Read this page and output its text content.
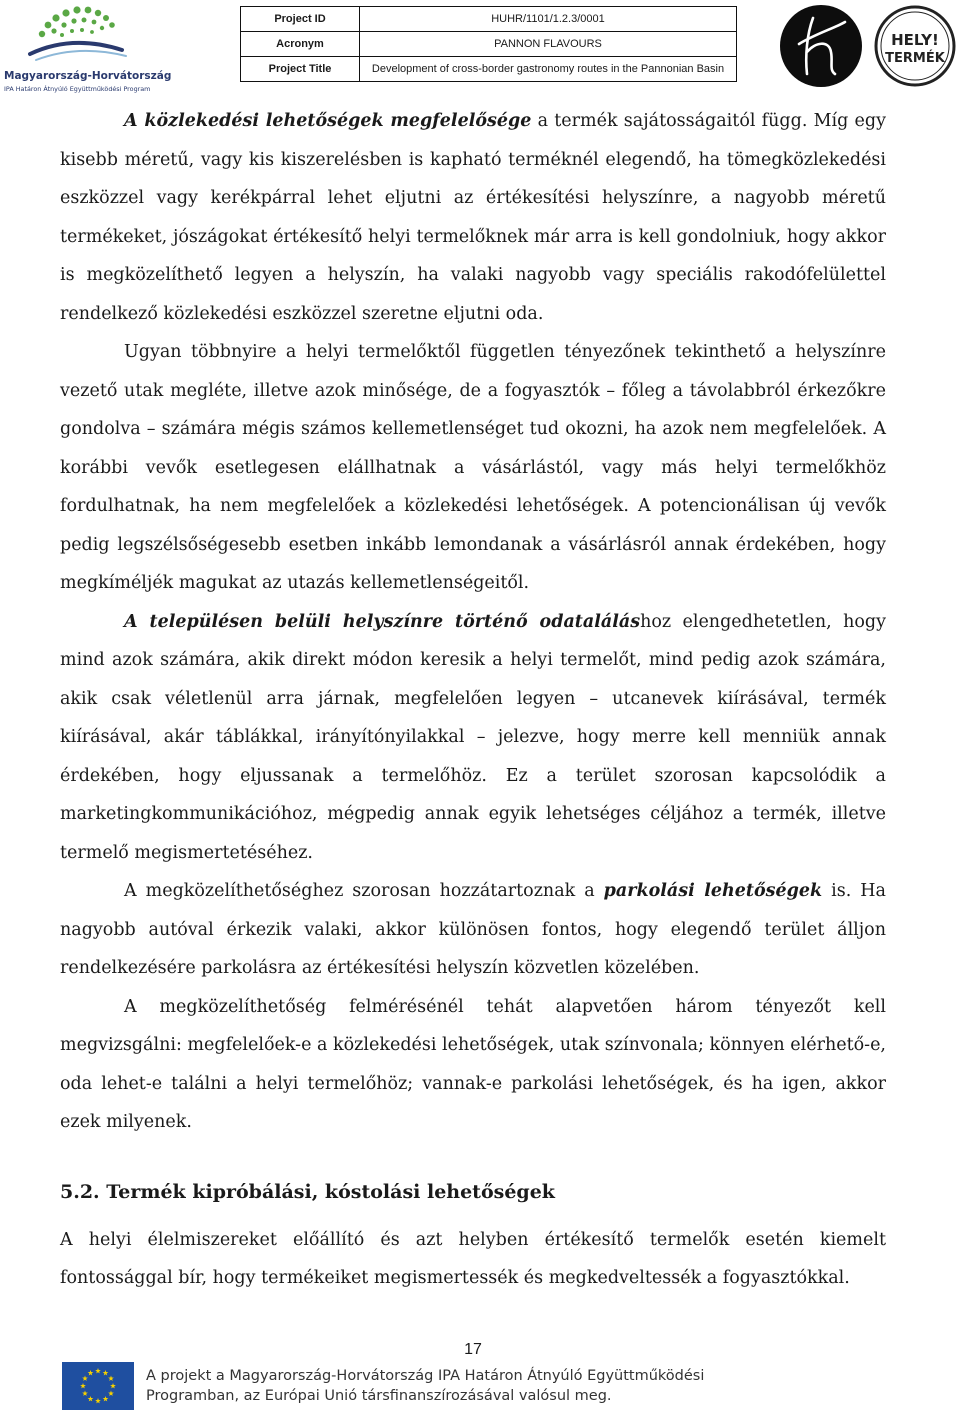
Magyarország-Horvátország
IPA Határon Átnyúló Együttműködési Program
Project ID	HUHR/1101/1.2.3/0001
Acronym	PANNON FLAVOURS
Project Title	Development of cross-border gastronomy routes in the Pannonian Basin
HELY!
TERMÉK

A közlekedési lehetőségek megfelelősége a termék sajátosságaitól függ. Míg egy kisebb méretű, vagy kis kiszerelésben is kapható terméknél elegendő, ha tömegközlekedési eszközzel vagy kerékpárral lehet eljutni az értékesítési helyszínre, a nagyobb méretű termékeket, jószágokat értékesítő helyi termelőknek már arra is kell gondolniuk, hogy akkor is megközelíthető legyen a helyszín, ha valaki nagyobb vagy speciális rakodófelülettel rendelkező közlekedési eszközzel szeretne eljutni oda.

Ugyan többnyire a helyi termelőktől független tényezőnek tekinthető a helyszínre vezető utak megléte, illetve azok minősége, de a fogyasztók – főleg a távolabbról érkezőkre gondolva – számára mégis számos kellemetlenséget tud okozni, ha azok nem megfelelőek. A korábbi vevők esetlegesen elállhatnak a vásárlástól, vagy más helyi termelőkhöz fordulhatnak, ha nem megfelelőek a közlekedési lehetőségek. A potencionálisan új vevők pedig legszélsőségesebb esetben inkább lemondanak a vásárlásról annak érdekében, hogy megkíméljék magukat az utazás kellemetlenségeitől.

A településen belüli helyszínre történő odataláláshoz elengedhetetlen, hogy mind azok számára, akik direkt módon keresik a helyi termelőt, mind pedig azok számára, akik csak véletlenül arra járnak, megfelelően legyen – utcanevek kiírásával, termék kiírásával, akár táblákkal, irányítónyilakkal – jelezve, hogy merre kell menniük annak érdekében, hogy eljussanak a termelőhöz. Ez a terület szorosan kapcsolódik a marketingkommunikációhoz, mégpedig annak egyik lehetséges céljához a termék, illetve termelő megismertetéséhez.

A megközelíthetőséghez szorosan hozzátartoznak a parkolási lehetőségek is. Ha nagyobb autóval érkezik valaki, akkor különösen fontos, hogy elegendő terület álljon rendelkezésére parkolásra az értékesítési helyszín közvetlen közelében.

A megközelíthetőség felmérésénél tehát alapvetően három tényezőt kell megvizsgálni: megfelelőek-e a közlekedési lehetőségek, utak színvonala; könnyen elérhető-e, oda lehet-e találni a helyi termelőhöz; vannak-e parkolási lehetőségek, és ha igen, akkor ezek milyenek.

5.2. Termék kipróbálási, kóstolási lehetőségek

A helyi élelmiszereket előállító és azt helyben értékesítő termelők esetén kiemelt fontossággal bír, hogy termékeiket megismertessék és megkedveltessék a fogyasztókkal.

17
A projekt a Magyarország-Horvátország IPA Határon Átnyúló Együttműködési
Programban, az Európai Unió társfinanszírozásával valósul meg.
